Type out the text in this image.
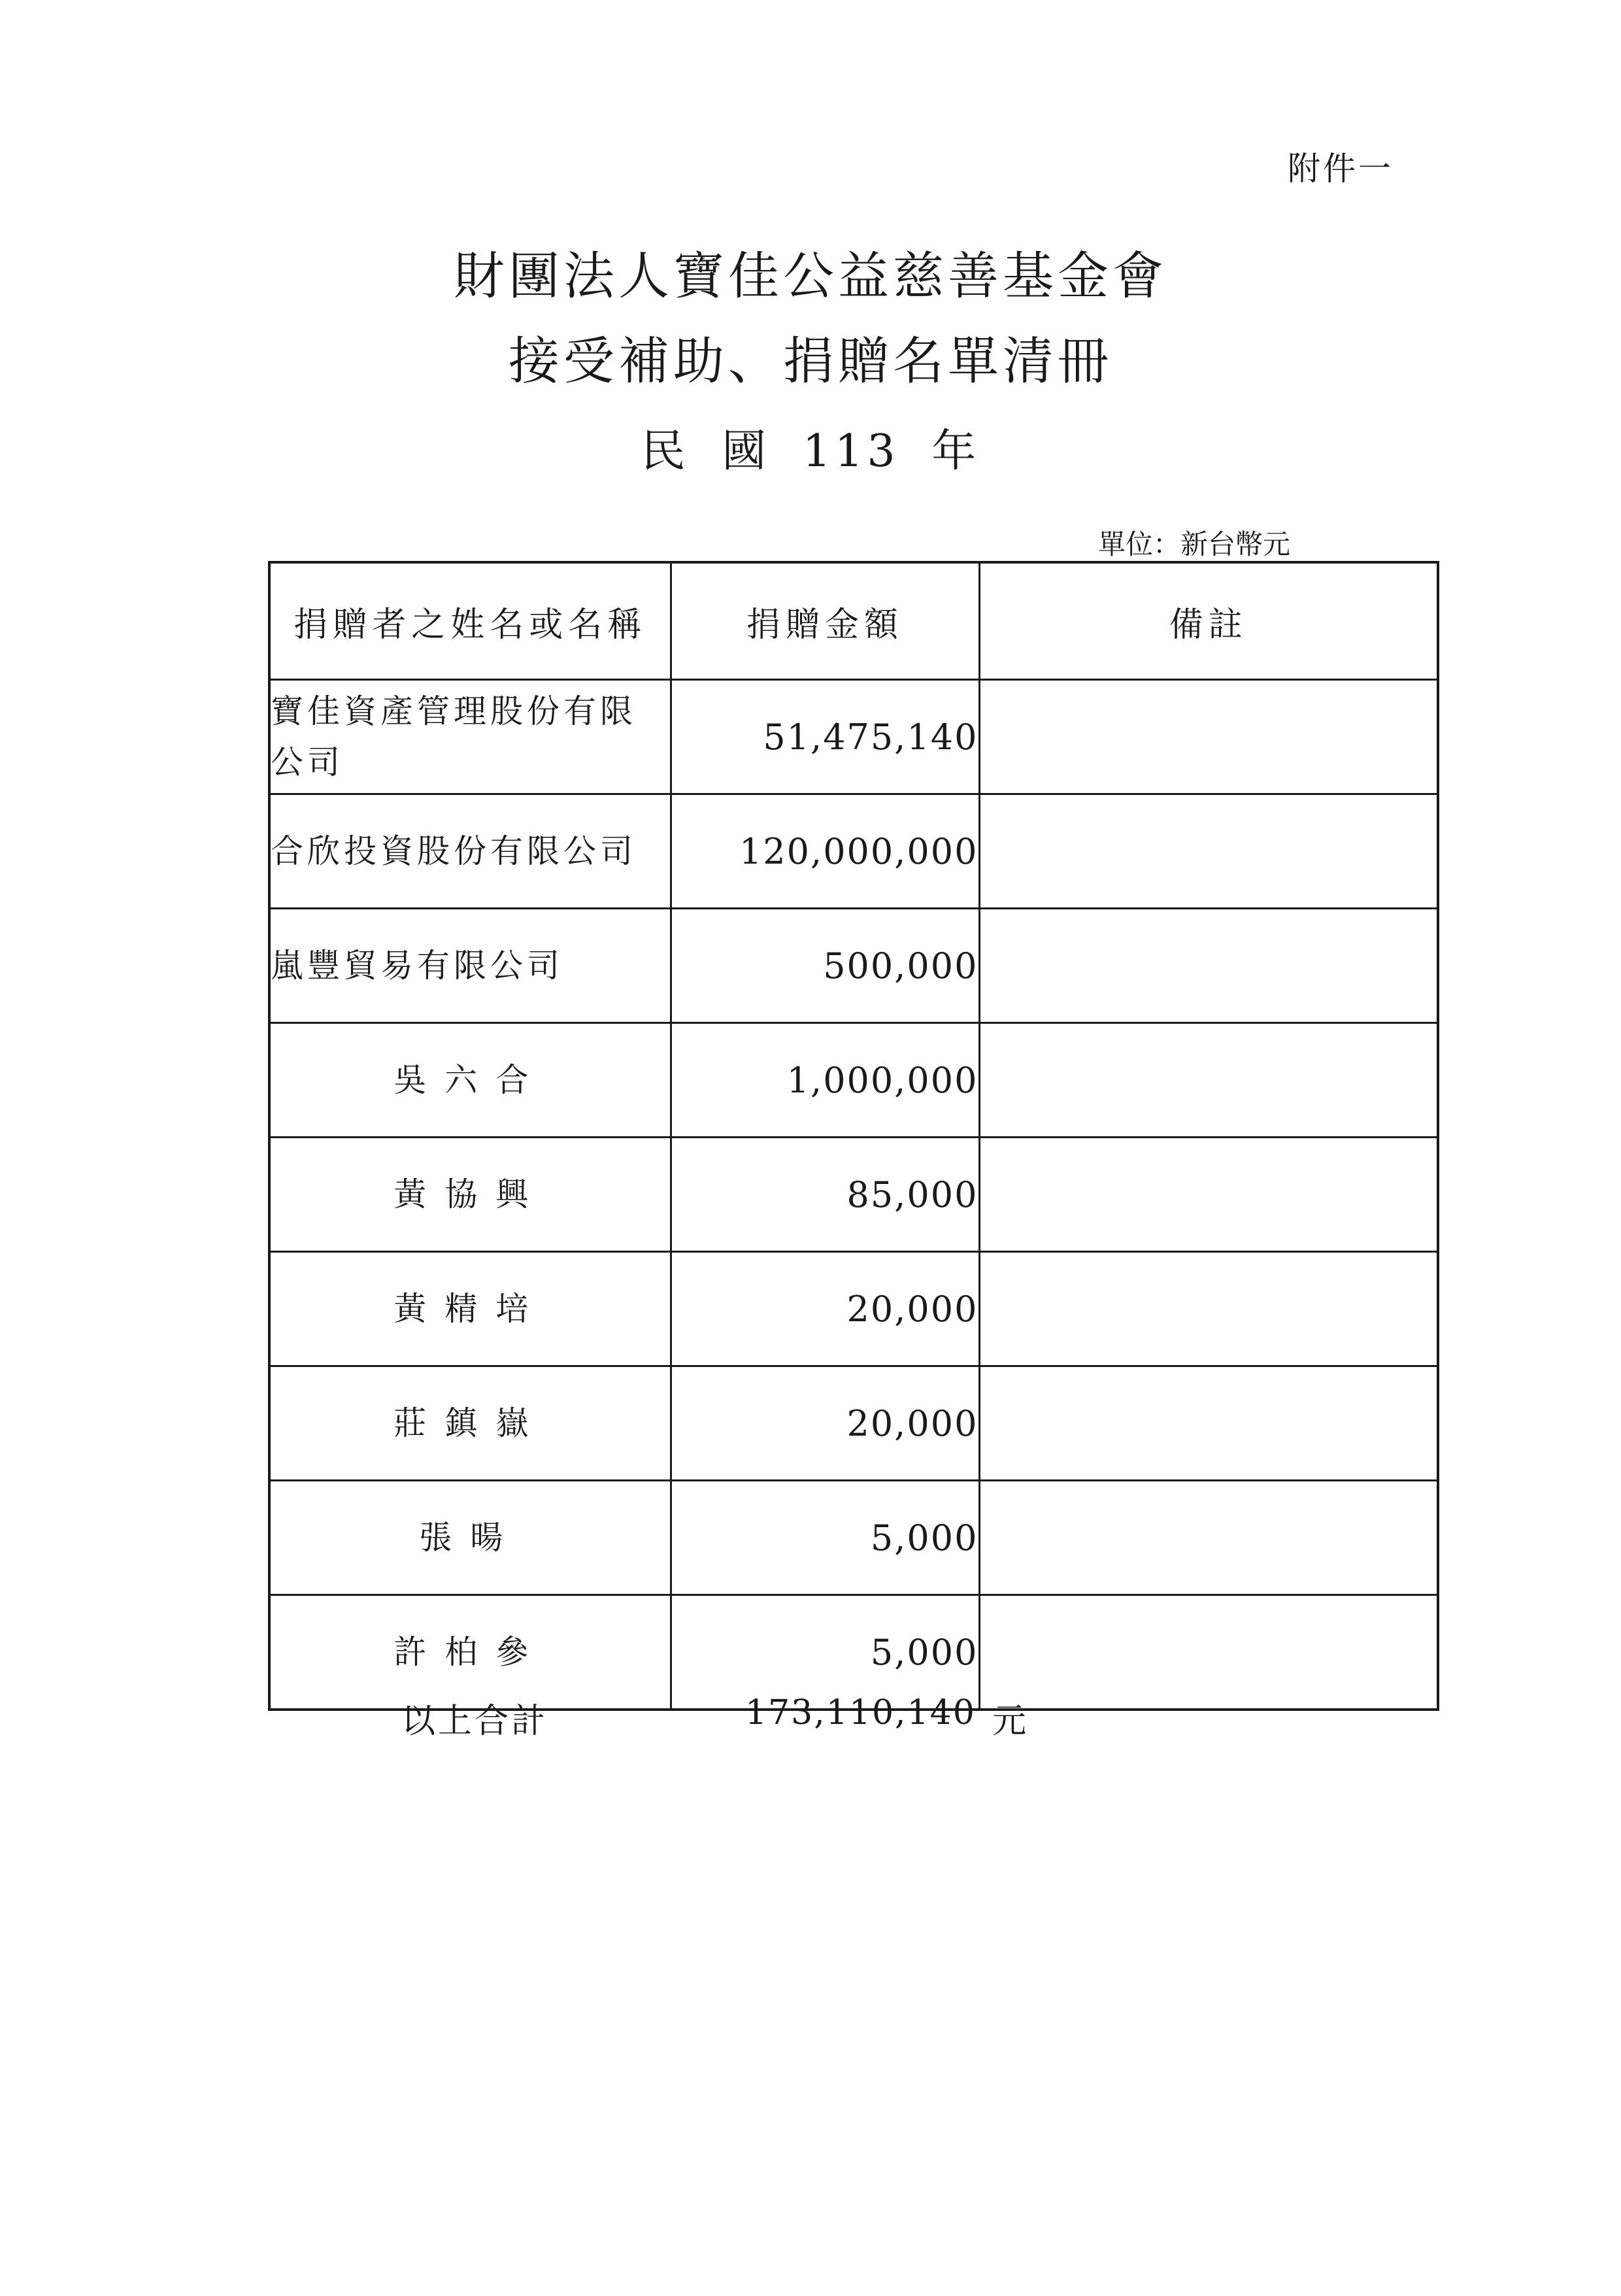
附件一
財團法人寶佳公益慈善基金會
接受補助、捐贈名單清冊
民 國 113 年
單位：新台幣元
捐贈者之姓名或名稱	捐贈金額	備註
寶佳資產管理股份有限公司	51,475,140	
合欣投資股份有限公司	120,000,000	
嵐豐貿易有限公司	500,000	
吳六合	1,000,000	
黃協興	85,000	
黃精培	20,000	
莊鎮嶽	20,000	
張暘	5,000	
許柏參	5,000	
以上合計	173,110,140 元
